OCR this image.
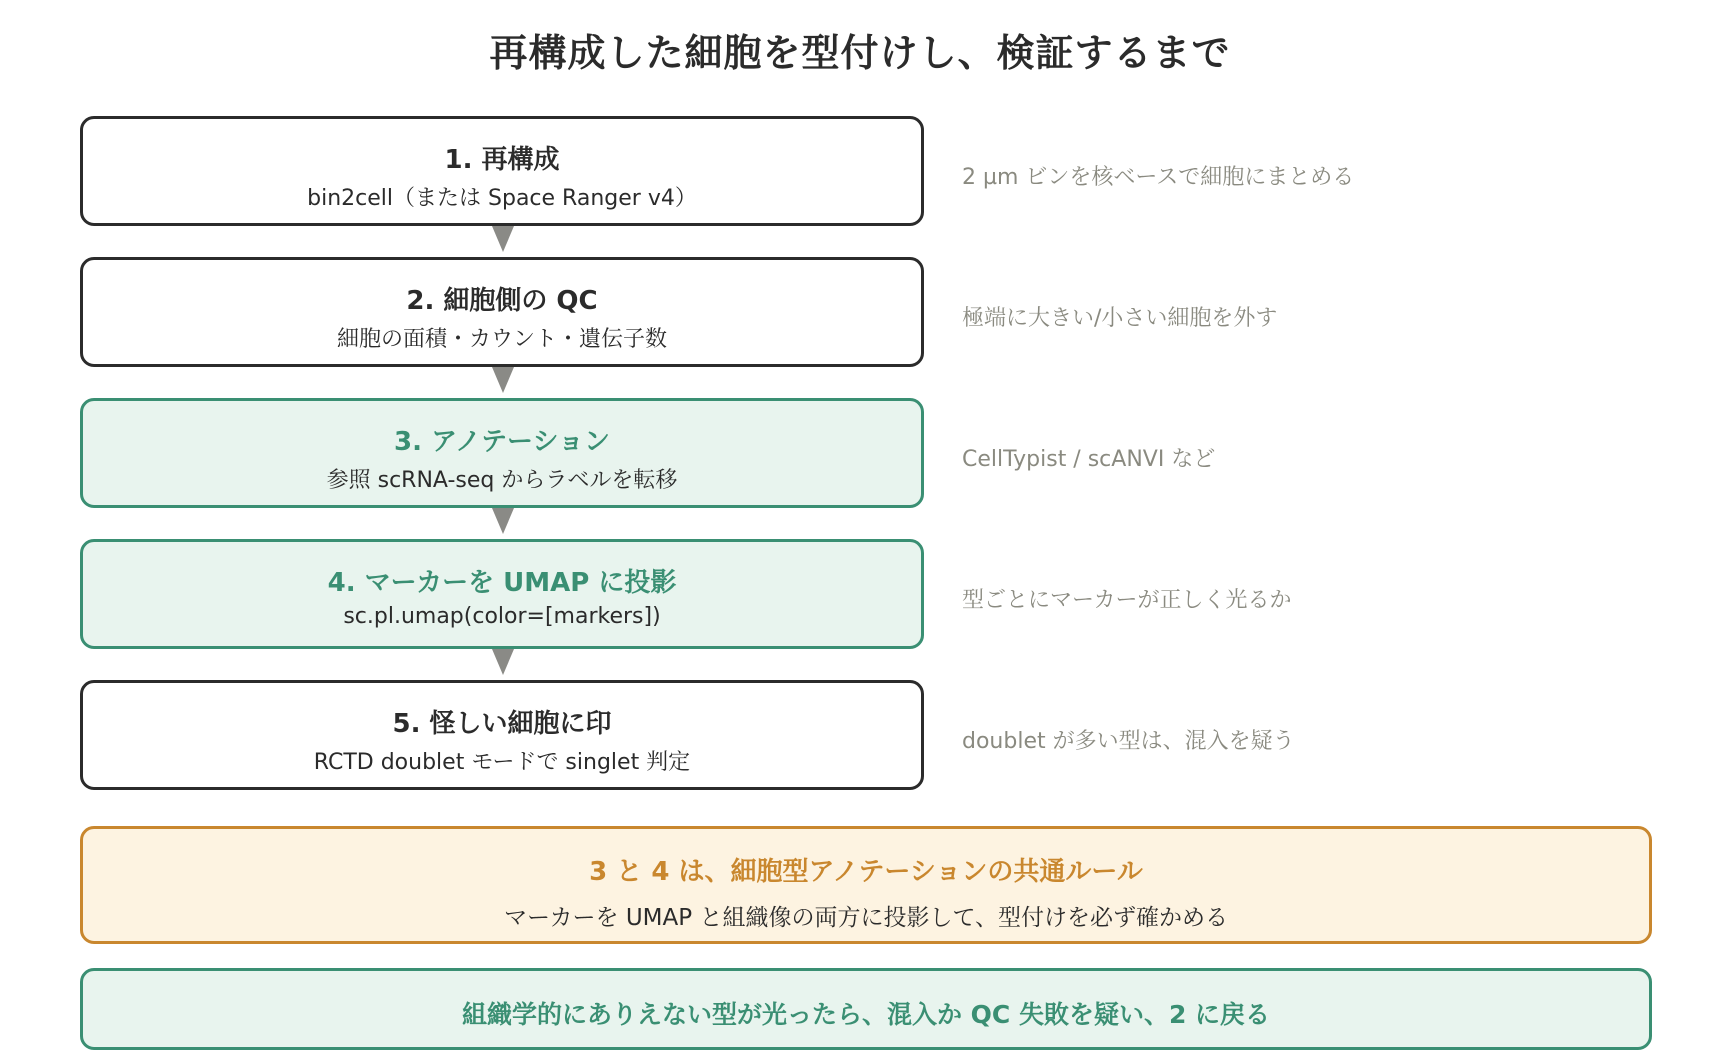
再構成した細胞を型付けし、検証するまで
1. 再構成
bin2cell（または Space Ranger v4）
2 µm ビンを核ベースで細胞にまとめる
2. 細胞側の QC
細胞の面積・カウント・遺伝子数
極端に大きい/小さい細胞を外す
3. アノテーション
参照 scRNA-seq からラベルを転移
CellTypist / scANVI など
4. マーカーを UMAP に投影
sc.pl.umap(color=[markers])
型ごとにマーカーが正しく光るか
5. 怪しい細胞に印
RCTD doublet モードで singlet 判定
doublet が多い型は、混入を疑う
3 と 4 は、細胞型アノテーションの共通ルール
マーカーを UMAP と組織像の両方に投影して、型付けを必ず確かめる
組織学的にありえない型が光ったら、混入か QC 失敗を疑い、2 に戻る
